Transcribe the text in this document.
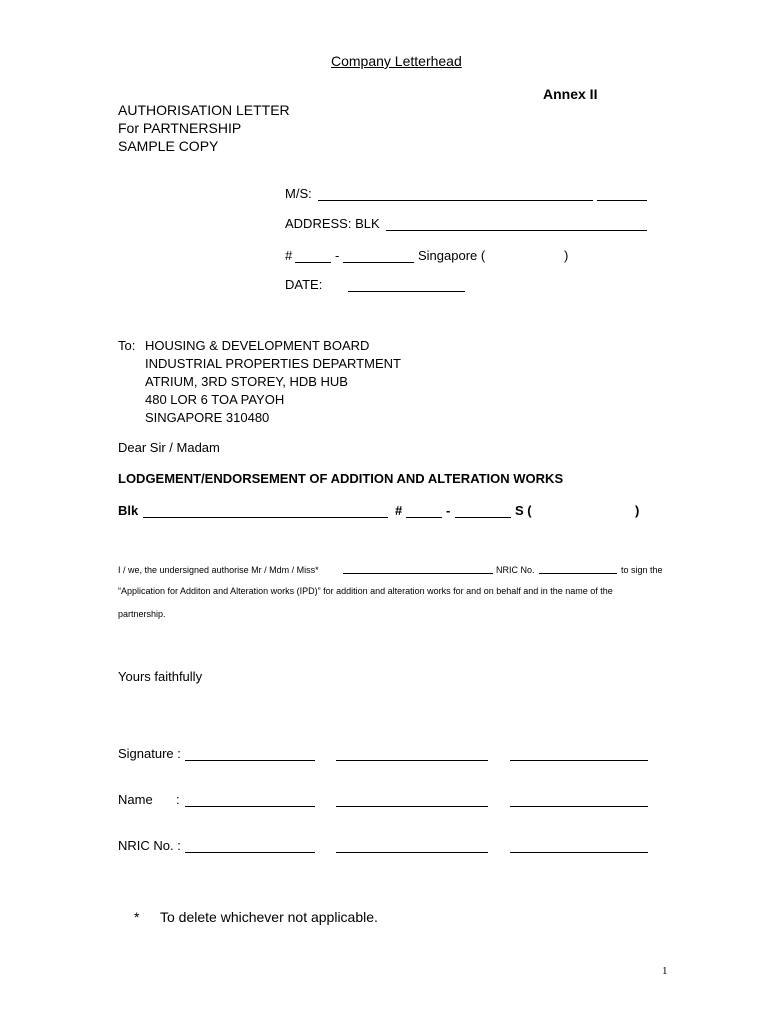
Company Letterhead
Annex II
AUTHORISATION LETTER
For PARTNERSHIP
SAMPLE COPY
M/S:
ADDRESS: BLK
#	-	Singapore (	)
DATE:
To: HOUSING & DEVELOPMENT BOARD
INDUSTRIAL PROPERTIES DEPARTMENT
ATRIUM, 3RD STOREY, HDB HUB
480 LOR 6 TOA PAYOH
SINGAPORE 310480
Dear Sir / Madam
LODGEMENT/ENDORSEMENT OF ADDITION AND ALTERATION WORKS
Blk	#	-	S (	)
I / we, the undersigned authorise Mr / Mdm / Miss*	NRIC No.	to sign the
“Application for Additon and Alteration works (IPD)” for addition and alteration works for and on behalf and in the name of the
partnership.
Yours faithfully
Signature :
Name :
NRIC No. :
* To delete whichever not applicable.
1
